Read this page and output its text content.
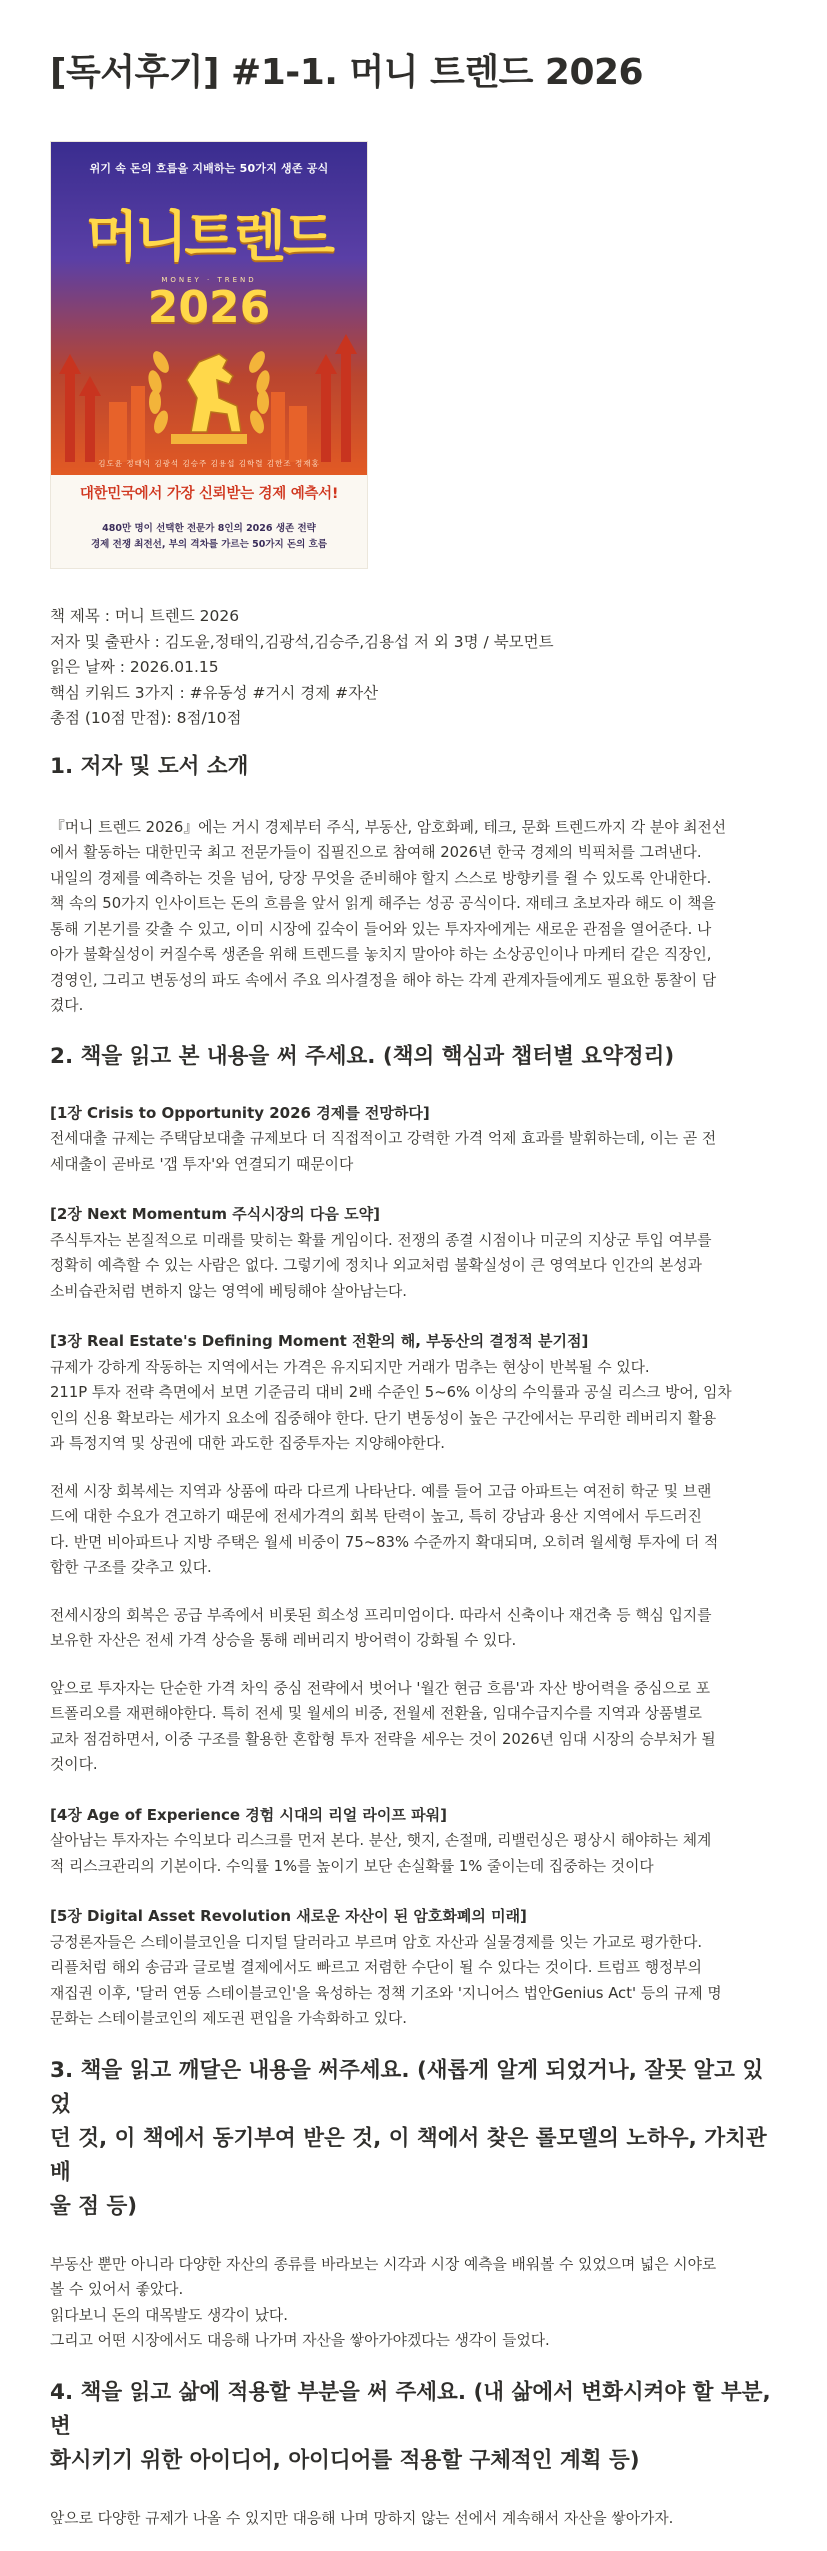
[독서후기] #1-1. 머니 트렌드 2026
위기 속 돈의 흐름을 지배하는 50가지 생존 공식
머니트렌드
MONEY · TREND
2026
김도윤 정태익 김광석 김승주 김용섭 김학렬 김한조 정재홍
대한민국에서 가장 신뢰받는 경제 예측서!
480만 명이 선택한 전문가 8인의 2026 생존 전략
경제 전쟁 최전선, 부의 격차를 가르는 50가지 돈의 흐름
책 제목 : 머니 트렌드 2026
저자 및 출판사 : 김도윤,정태익,김광석,김승주,김용섭 저 외 3명 / 북모먼트
읽은 날짜 : 2026.01.15
핵심 키워드 3가지 : #유동성 #거시 경제 #자산
총점 (10점 만점): 8점/10점
1. 저자 및 도서 소개

『머니 트렌드 2026』에는 거시 경제부터 주식, 부동산, 암호화폐, 테크, 문화 트렌드까지 각 분야 최전선

에서 활동하는 대한민국 최고 전문가들이 집필진으로 참여해 2026년 한국 경제의 빅픽처를 그려낸다.

내일의 경제를 예측하는 것을 넘어, 당장 무엇을 준비해야 할지 스스로 방향키를 쥘 수 있도록 안내한다.

책 속의 50가지 인사이트는 돈의 흐름을 앞서 읽게 해주는 성공 공식이다. 재테크 초보자라 해도 이 책을

통해 기본기를 갖출 수 있고, 이미 시장에 깊숙이 들어와 있는 투자자에게는 새로운 관점을 열어준다. 나

아가 불확실성이 커질수록 생존을 위해 트렌드를 놓치지 말아야 하는 소상공인이나 마케터 같은 직장인,

경영인, 그리고 변동성의 파도 속에서 주요 의사결정을 해야 하는 각계 관계자들에게도 필요한 통찰이 담

겼다.

2. 책을 읽고 본 내용을 써 주세요. (책의 핵심과 챕터별 요약정리)

[1장 Crisis to Opportunity 2026 경제를 전망하다]

전세대출 규제는 주택담보대출 규제보다 더 직접적이고 강력한 가격 억제 효과를 발휘하는데, 이는 곧 전

세대출이 곧바로 '갭 투자'와 연결되기 때문이다

[2장 Next Momentum 주식시장의 다음 도약]

주식투자는 본질적으로 미래를 맞히는 확률 게임이다. 전쟁의 종결 시점이나 미군의 지상군 투입 여부를

정확히 예측할 수 있는 사람은 없다. 그렇기에 정치나 외교처럼 불확실성이 큰 영역보다 인간의 본성과

소비습관처럼 변하지 않는 영역에 베팅해야 살아남는다.

[3장 Real Estate's Defining Moment 전환의 해, 부동산의 결정적 분기점]

규제가 강하게 작동하는 지역에서는 가격은 유지되지만 거래가 멈추는 현상이 반복될 수 있다.

211P 투자 전략 측면에서 보면 기준금리 대비 2배 수준인 5~6% 이상의 수익률과 공실 리스크 방어, 임차

인의 신용 확보라는 세가지 요소에 집중해야 한다. 단기 변동성이 높은 구간에서는 무리한 레버리지 활용

과 특정지역 및 상권에 대한 과도한 집중투자는 지양해야한다.

전세 시장 회복세는 지역과 상품에 따라 다르게 나타난다. 예를 들어 고급 아파트는 여전히 학군 및 브랜

드에 대한 수요가 견고하기 때문에 전세가격의 회복 탄력이 높고, 특히 강남과 용산 지역에서 두드러진

다. 반면 비아파트나 지방 주택은 월세 비중이 75~83% 수준까지 확대되며, 오히려 월세형 투자에 더 적

합한 구조를 갖추고 있다.

전세시장의 회복은 공급 부족에서 비롯된 희소성 프리미엄이다. 따라서 신축이나 재건축 등 핵심 입지를

보유한 자산은 전세 가격 상승을 통해 레버리지 방어력이 강화될 수 있다.

앞으로 투자자는 단순한 가격 차익 중심 전략에서 벗어나 '월간 현금 흐름'과 자산 방어력을 중심으로 포

트폴리오를 재편해야한다. 특히 전세 및 월세의 비중, 전월세 전환율, 임대수급지수를 지역과 상품별로

교차 점검하면서, 이중 구조를 활용한 혼합형 투자 전략을 세우는 것이 2026년 임대 시장의 승부처가 될

것이다.

[4장 Age of Experience 경험 시대의 리얼 라이프 파워]

살아남는 투자자는 수익보다 리스크를 먼저 본다. 분산, 햇지, 손절매, 리밸런싱은 평상시 해야하는 체계

적 리스크관리의 기본이다. 수익률 1%를 높이기 보단 손실확률 1% 줄이는데 집중하는 것이다

[5장 Digital Asset Revolution 새로운 자산이 된 암호화폐의 미래]

긍정론자들은 스테이블코인을 디지털 달러라고 부르며 암호 자산과 실물경제를 잇는 가교로 평가한다.

리플처럼 해외 송금과 글로벌 결제에서도 빠르고 저렴한 수단이 될 수 있다는 것이다. 트럼프 행정부의

재집권 이후, '달러 연동 스테이블코인'을 육성하는 정책 기조와 '지니어스 법안Genius Act' 등의 규제 명

문화는 스테이블코인의 제도권 편입을 가속화하고 있다.

3. 책을 읽고 깨달은 내용을 써주세요. (새롭게 알게 되었거나, 잘못 알고 있었
던 것, 이 책에서 동기부여 받은 것, 이 책에서 찾은 롤모델의 노하우, 가치관 배
울 점 등)

부동산 뿐만 아니라 다양한 자산의 종류를 바라보는 시각과 시장 예측을 배워볼 수 있었으며 넓은 시야로

볼 수 있어서 좋았다.

읽다보니 돈의 대목발도 생각이 났다.

그리고 어떤 시장에서도 대응해 나가며 자산을 쌓아가야겠다는 생각이 들었다.

4. 책을 읽고 삶에 적용할 부분을 써 주세요. (내 삶에서 변화시켜야 할 부분, 변
화시키기 위한 아이디어, 아이디어를 적용할 구체적인 계획 등)

앞으로 다양한 규제가 나올 수 있지만 대응해 나며 망하지 않는 선에서 계속해서 자산을 쌓아가자.
